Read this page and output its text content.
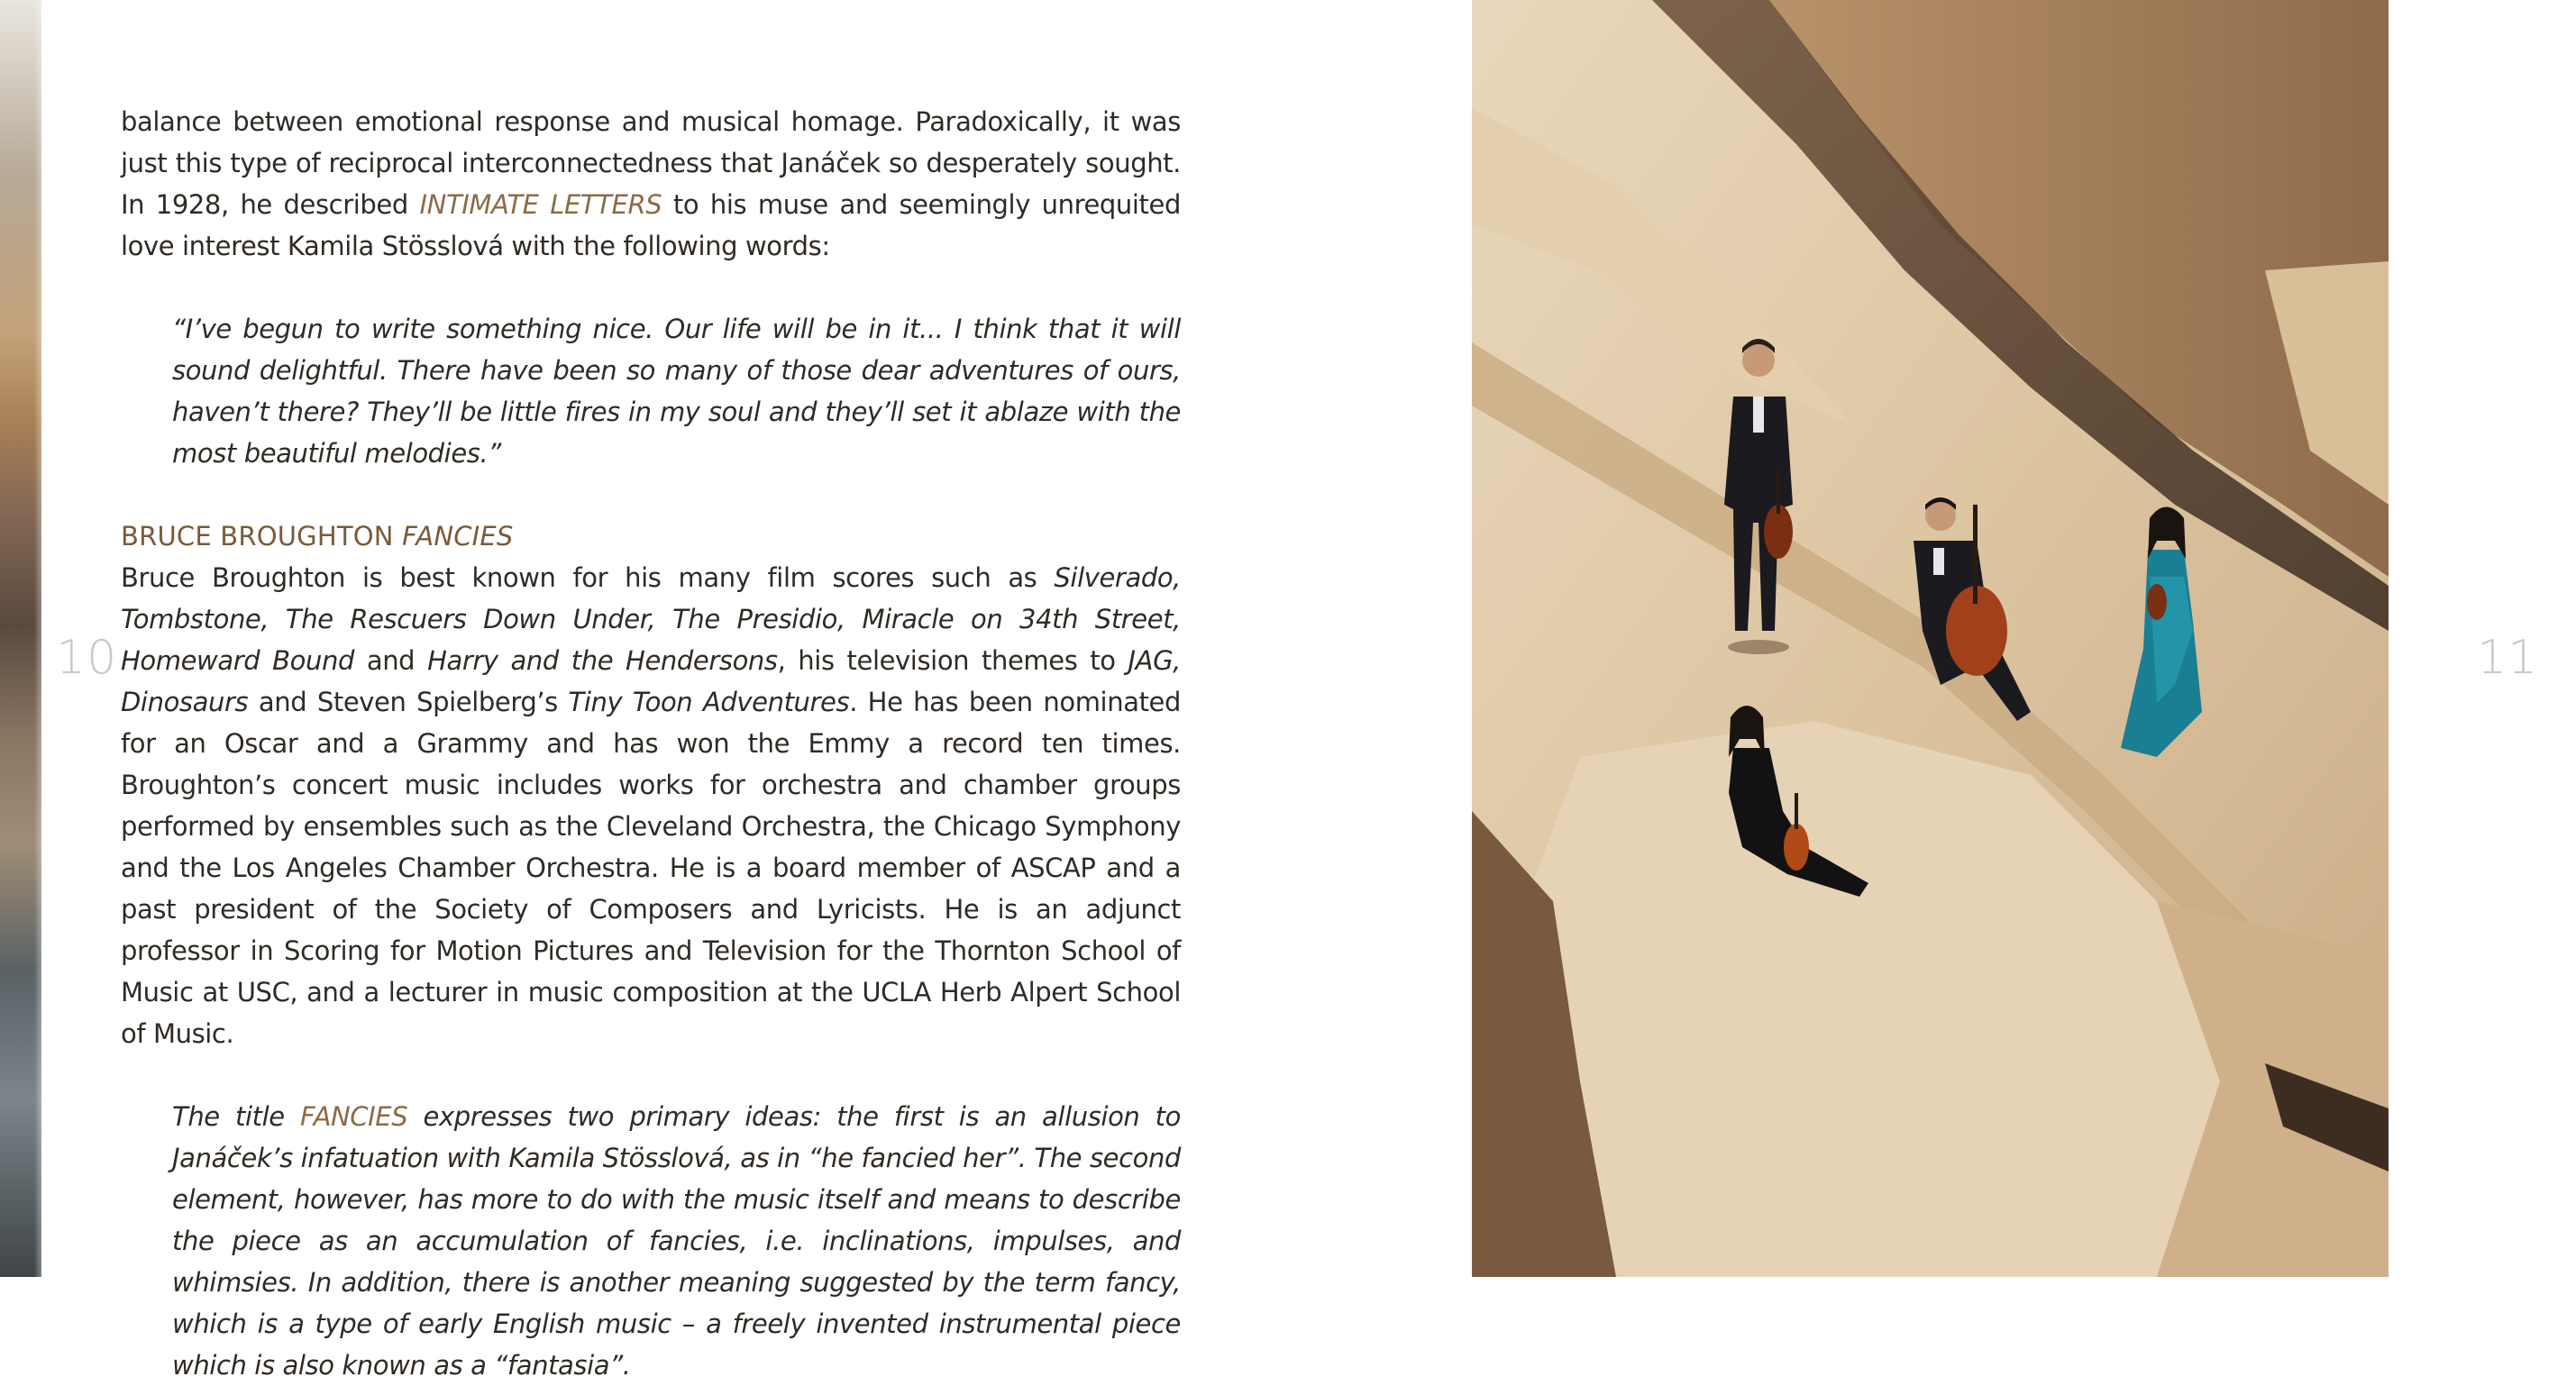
10

balance between emotional response and musical homage. Paradoxically, it was just this type of reciprocal interconnectedness that Janáček so desperately sought. In 1928, he described INTIMATE LETTERS to his muse and seemingly unrequited love interest Kamila Stösslová with the following words:

“I’ve begun to write something nice. Our life will be in it... I think that it will sound delightful. There have been so many of those dear adventures of ours, haven’t there? They’ll be little fires in my soul and they’ll set it ablaze with the most beautiful melodies.”

BRUCE BROUGHTON FANCIES

Bruce Broughton is best known for his many film scores such as Silverado, Tombstone, The Rescuers Down Under, The Presidio, Miracle on 34th Street, Homeward Bound and Harry and the Hendersons, his television themes to JAG, Dinosaurs and Steven Spielberg’s Tiny Toon Adventures. He has been nominated for an Oscar and a Grammy and has won the Emmy a record ten times. Broughton’s concert music includes works for orchestra and chamber groups performed by ensembles such as the Cleveland Orchestra, the Chicago Symphony and the Los Angeles Chamber Orchestra. He is a board member of ASCAP and a past president of the Society of Composers and Lyricists. He is an adjunct professor in Scoring for Motion Pictures and Television for the Thornton School of Music at USC, and a lecturer in music composition at the UCLA Herb Alpert School of Music.

The title FANCIES expresses two primary ideas: the first is an allusion to Janáček’s infatuation with Kamila Stösslová, as in “he fancied her”. The second element, however, has more to do with the music itself and means to describe the piece as an accumulation of fancies, i.e. inclinations, impulses, and whimsies. In addition, there is another meaning suggested by the term fancy, which is a type of early English music – a freely invented instrumental piece which is also known as a “fantasia”.

11
